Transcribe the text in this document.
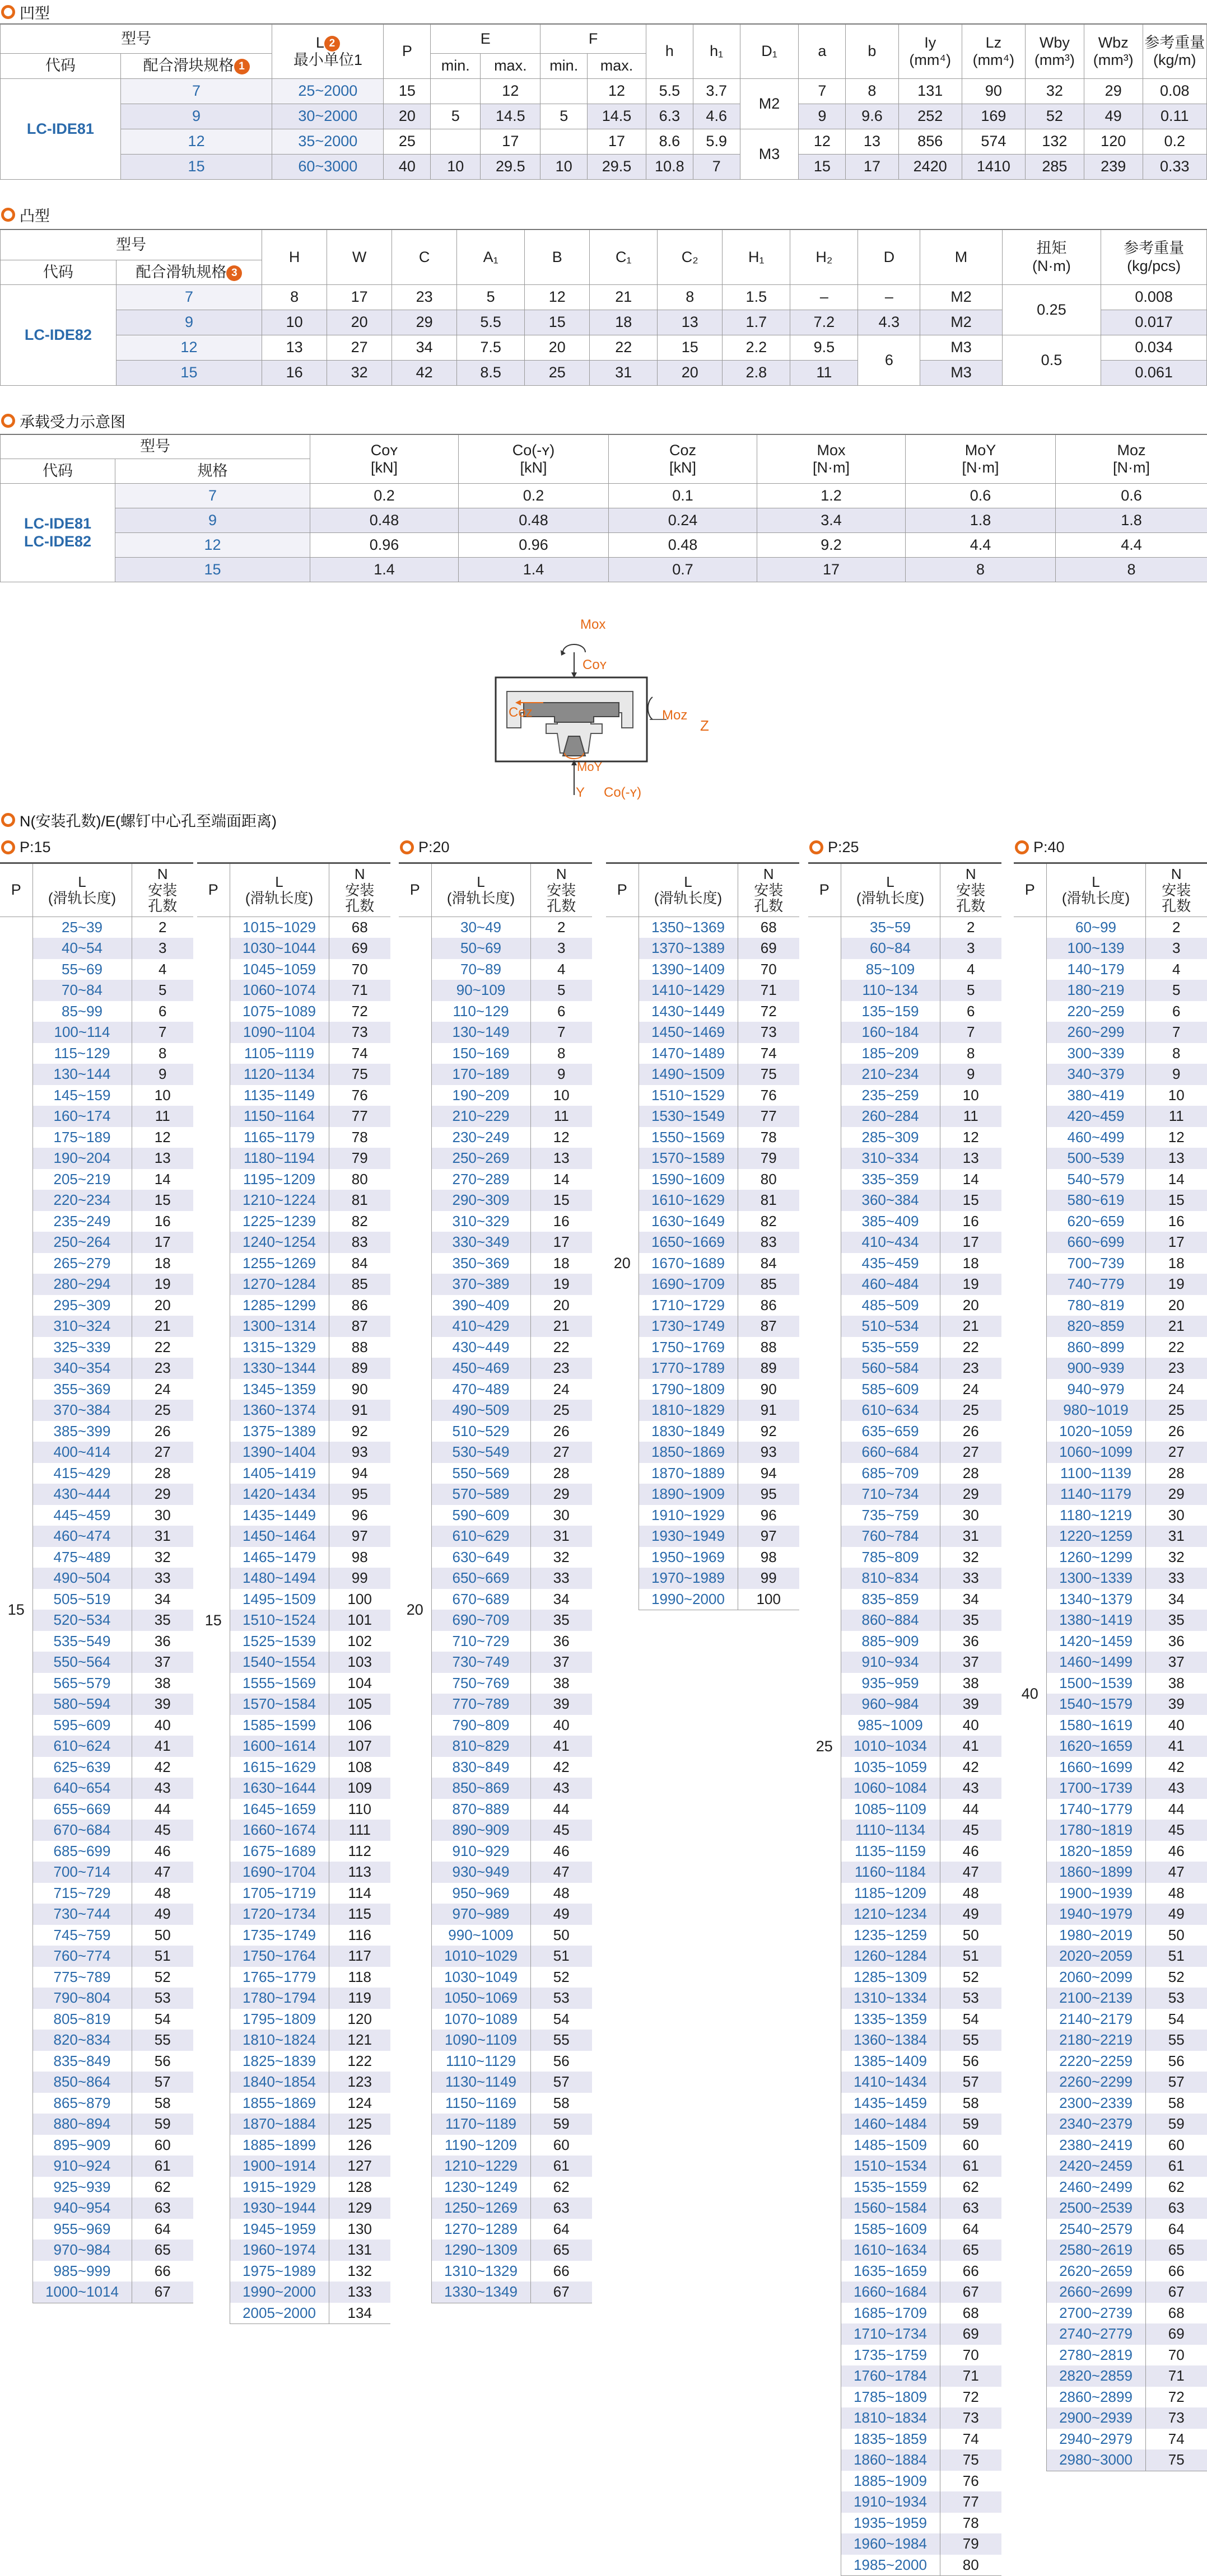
凹型
型号		L 2
最小单位1	P	E		F		h	h₁	D₁	a	b	Iy
(mm⁴)	Lz
(mm⁴)	Wby
(mm³)	Wbz
(mm³)	参考重量
(kg/m)
代码	配合滑块规格 1			min.	max.	min.	max.										
LC-IDE81	7	25~2000	15		12		12	5.5	3.7	M2	7	8	131	90	32	29	0.08
	9	30~2000	20	5	14.5	5	14.5	6.3	4.6		9	9.6	252	169	52	49	0.11
	12	35~2000	25		17		17	8.6	5.9	M3	12	13	856	574	132	120	0.2
	15	60~3000	40	10	29.5	10	29.5	10.8	7		15	17	2420	1410	285	239	0.33
凸型
型号		H	W	C	A₁	B	C₁	C₂	H₁	H₂	D	M	扭矩
(N·m)	参考重量
(kg/pcs)
代码	配合滑轨规格 3													
LC-IDE82	7	8	17	23	5	12	21	8	1.5	–	–	M2	0.25	0.008
	9	10	20	29	5.5	15	18	13	1.7	7.2	4.3	M2		0.017
	12	13	27	34	7.5	20	22	15	2.2	9.5	6	M3	0.5	0.034
	15	16	32	42	8.5	25	31	20	2.8	11		M3		0.061
承载受力示意图
型号		Coʏ
[kN]	Co(-ʏ)
[kN]	Coz
[kN]	Mox
[N·m]	MoY
[N·m]	Moz
[N·m]
代码	规格						
LC-IDE81
LC-IDE82	7	0.2	0.2	0.1	1.2	0.6	0.6
	9	0.48	0.48	0.24	3.4	1.8	1.8
	12	0.96	0.96	0.48	9.2	4.4	4.4
	15	1.4	1.4	0.7	17	8	8
Mox
Coʏ
Coz	Moz
Z
MoY
Y Co(-ʏ)
N(安装孔数)/E(螺钉中心孔至端面距离)
P:15
P	L
(滑轨长度)	N
安装
孔数
15	25~39	2
	40~54	3
	55~69	4
	70~84	5
	85~99	6
	100~114	7
	115~129	8
	130~144	9
	145~159	10
	160~174	11
	175~189	12
	190~204	13
	205~219	14
	220~234	15
	235~249	16
	250~264	17
	265~279	18
	280~294	19
	295~309	20
	310~324	21
	325~339	22
	340~354	23
	355~369	24
	370~384	25
	385~399	26
	400~414	27
	415~429	28
	430~444	29
	445~459	30
	460~474	31
	475~489	32
	490~504	33
	505~519	34
	520~534	35
	535~549	36
	550~564	37
	565~579	38
	580~594	39
	595~609	40
	610~624	41
	625~639	42
	640~654	43
	655~669	44
	670~684	45
	685~699	46
	700~714	47
	715~729	48
	730~744	49
	745~759	50
	760~774	51
	775~789	52
	790~804	53
	805~819	54
	820~834	55
	835~849	56
	850~864	57
	865~879	58
	880~894	59
	895~909	60
	910~924	61
	925~939	62
	940~954	63
	955~969	64
	970~984	65
	985~999	66
	1000~1014	67
P	L
(滑轨长度)	N
安装
孔数
15	1015~1029	68
	1030~1044	69
	1045~1059	70
	1060~1074	71
	1075~1089	72
	1090~1104	73
	1105~1119	74
	1120~1134	75
	1135~1149	76
	1150~1164	77
	1165~1179	78
	1180~1194	79
	1195~1209	80
	1210~1224	81
	1225~1239	82
	1240~1254	83
	1255~1269	84
	1270~1284	85
	1285~1299	86
	1300~1314	87
	1315~1329	88
	1330~1344	89
	1345~1359	90
	1360~1374	91
	1375~1389	92
	1390~1404	93
	1405~1419	94
	1420~1434	95
	1435~1449	96
	1450~1464	97
	1465~1479	98
	1480~1494	99
	1495~1509	100
	1510~1524	101
	1525~1539	102
	1540~1554	103
	1555~1569	104
	1570~1584	105
	1585~1599	106
	1600~1614	107
	1615~1629	108
	1630~1644	109
	1645~1659	110
	1660~1674	111
	1675~1689	112
	1690~1704	113
	1705~1719	114
	1720~1734	115
	1735~1749	116
	1750~1764	117
	1765~1779	118
	1780~1794	119
	1795~1809	120
	1810~1824	121
	1825~1839	122
	1840~1854	123
	1855~1869	124
	1870~1884	125
	1885~1899	126
	1900~1914	127
	1915~1929	128
	1930~1944	129
	1945~1959	130
	1960~1974	131
	1975~1989	132
	1990~2000	133
	2005~2000	134
P:20
P	L
(滑轨长度)	N
安装
孔数
20	30~49	2
	50~69	3
	70~89	4
	90~109	5
	110~129	6
	130~149	7
	150~169	8
	170~189	9
	190~209	10
	210~229	11
	230~249	12
	250~269	13
	270~289	14
	290~309	15
	310~329	16
	330~349	17
	350~369	18
	370~389	19
	390~409	20
	410~429	21
	430~449	22
	450~469	23
	470~489	24
	490~509	25
	510~529	26
	530~549	27
	550~569	28
	570~589	29
	590~609	30
	610~629	31
	630~649	32
	650~669	33
	670~689	34
	690~709	35
	710~729	36
	730~749	37
	750~769	38
	770~789	39
	790~809	40
	810~829	41
	830~849	42
	850~869	43
	870~889	44
	890~909	45
	910~929	46
	930~949	47
	950~969	48
	970~989	49
	990~1009	50
	1010~1029	51
	1030~1049	52
	1050~1069	53
	1070~1089	54
	1090~1109	55
	1110~1129	56
	1130~1149	57
	1150~1169	58
	1170~1189	59
	1190~1209	60
	1210~1229	61
	1230~1249	62
	1250~1269	63
	1270~1289	64
	1290~1309	65
	1310~1329	66
	1330~1349	67
P	L
(滑轨长度)	N
安装
孔数
20	1350~1369	68
	1370~1389	69
	1390~1409	70
	1410~1429	71
	1430~1449	72
	1450~1469	73
	1470~1489	74
	1490~1509	75
	1510~1529	76
	1530~1549	77
	1550~1569	78
	1570~1589	79
	1590~1609	80
	1610~1629	81
	1630~1649	82
	1650~1669	83
	1670~1689	84
	1690~1709	85
	1710~1729	86
	1730~1749	87
	1750~1769	88
	1770~1789	89
	1790~1809	90
	1810~1829	91
	1830~1849	92
	1850~1869	93
	1870~1889	94
	1890~1909	95
	1910~1929	96
	1930~1949	97
	1950~1969	98
	1970~1989	99
	1990~2000	100
P:25
P	L
(滑轨长度)	N
安装
孔数
25	35~59	2
	60~84	3
	85~109	4
	110~134	5
	135~159	6
	160~184	7
	185~209	8
	210~234	9
	235~259	10
	260~284	11
	285~309	12
	310~334	13
	335~359	14
	360~384	15
	385~409	16
	410~434	17
	435~459	18
	460~484	19
	485~509	20
	510~534	21
	535~559	22
	560~584	23
	585~609	24
	610~634	25
	635~659	26
	660~684	27
	685~709	28
	710~734	29
	735~759	30
	760~784	31
	785~809	32
	810~834	33
	835~859	34
	860~884	35
	885~909	36
	910~934	37
	935~959	38
	960~984	39
	985~1009	40
	1010~1034	41
	1035~1059	42
	1060~1084	43
	1085~1109	44
	1110~1134	45
	1135~1159	46
	1160~1184	47
	1185~1209	48
	1210~1234	49
	1235~1259	50
	1260~1284	51
	1285~1309	52
	1310~1334	53
	1335~1359	54
	1360~1384	55
	1385~1409	56
	1410~1434	57
	1435~1459	58
	1460~1484	59
	1485~1509	60
	1510~1534	61
	1535~1559	62
	1560~1584	63
	1585~1609	64
	1610~1634	65
	1635~1659	66
	1660~1684	67
	1685~1709	68
	1710~1734	69
	1735~1759	70
	1760~1784	71
	1785~1809	72
	1810~1834	73
	1835~1859	74
	1860~1884	75
	1885~1909	76
	1910~1934	77
	1935~1959	78
	1960~1984	79
	1985~2000	80
P:40
P	L
(滑轨长度)	N
安装
孔数
40	60~99	2
	100~139	3
	140~179	4
	180~219	5
	220~259	6
	260~299	7
	300~339	8
	340~379	9
	380~419	10
	420~459	11
	460~499	12
	500~539	13
	540~579	14
	580~619	15
	620~659	16
	660~699	17
	700~739	18
	740~779	19
	780~819	20
	820~859	21
	860~899	22
	900~939	23
	940~979	24
	980~1019	25
	1020~1059	26
	1060~1099	27
	1100~1139	28
	1140~1179	29
	1180~1219	30
	1220~1259	31
	1260~1299	32
	1300~1339	33
	1340~1379	34
	1380~1419	35
	1420~1459	36
	1460~1499	37
	1500~1539	38
	1540~1579	39
	1580~1619	40
	1620~1659	41
	1660~1699	42
	1700~1739	43
	1740~1779	44
	1780~1819	45
	1820~1859	46
	1860~1899	47
	1900~1939	48
	1940~1979	49
	1980~2019	50
	2020~2059	51
	2060~2099	52
	2100~2139	53
	2140~2179	54
	2180~2219	55
	2220~2259	56
	2260~2299	57
	2300~2339	58
	2340~2379	59
	2380~2419	60
	2420~2459	61
	2460~2499	62
	2500~2539	63
	2540~2579	64
	2580~2619	65
	2620~2659	66
	2660~2699	67
	2700~2739	68
	2740~2779	69
	2780~2819	70
	2820~2859	71
	2860~2899	72
	2900~2939	73
	2940~2979	74
	2980~3000	75
